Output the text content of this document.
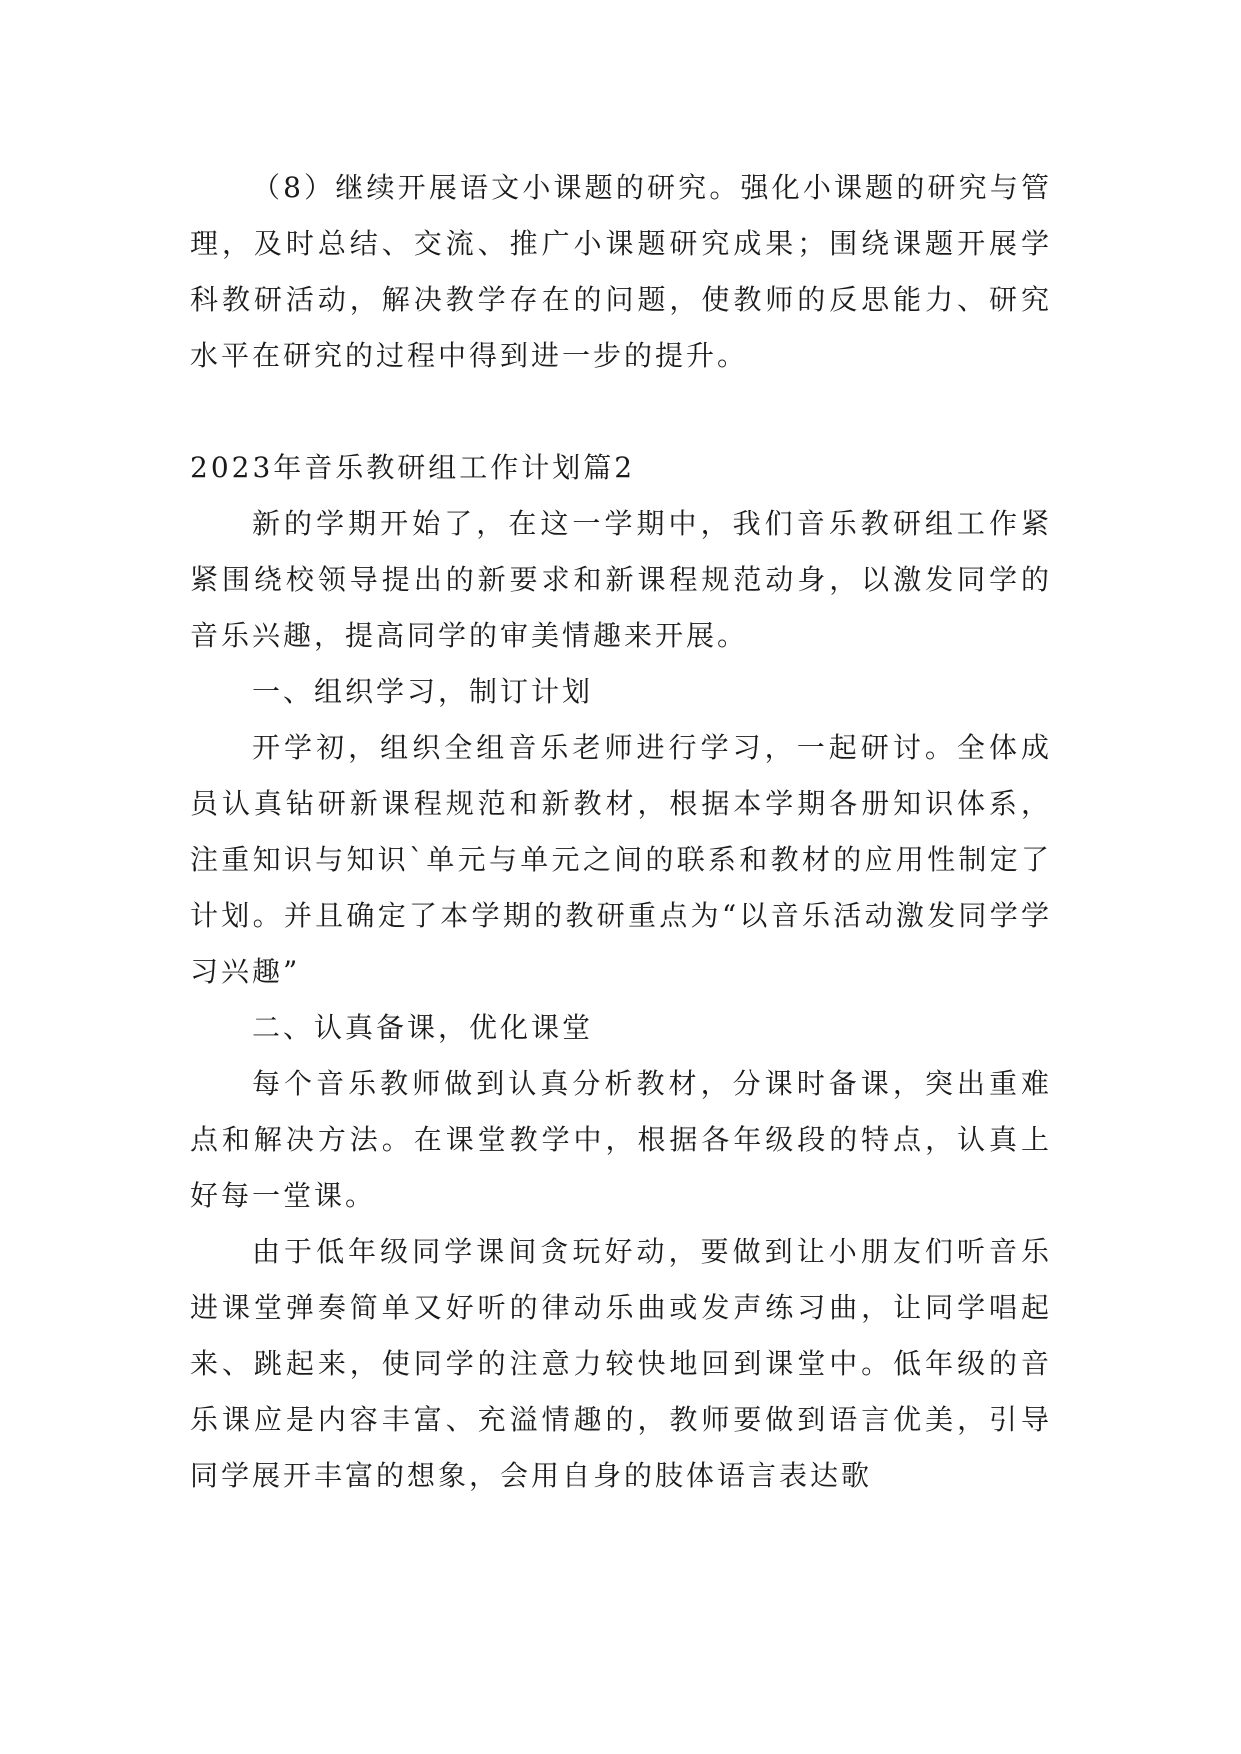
（8）继续开展语文小课题的研究。强化小课题的研究与管理，及时总结、交流、推广小课题研究成果；围绕课题开展学科教研活动，解决教学存在的问题，使教师的反思能力、研究水平在研究的过程中得到进一步的提升。

2023年音乐教研组工作计划篇2

新的学期开始了，在这一学期中，我们音乐教研组工作紧紧围绕校领导提出的新要求和新课程规范动身，以激发同学的音乐兴趣，提高同学的审美情趣来开展。

一、组织学习，制订计划

开学初，组织全组音乐老师进行学习，一起研讨。全体成员认真钻研新课程规范和新教材，根据本学期各册知识体系，注重知识与知识`单元与单元之间的联系和教材的应用性制定了计划。并且确定了本学期的教研重点为“以音乐活动激发同学学习兴趣”

二、认真备课，优化课堂

每个音乐教师做到认真分析教材，分课时备课，突出重难点和解决方法。在课堂教学中，根据各年级段的特点，认真上好每一堂课。

由于低年级同学课间贪玩好动，要做到让小朋友们听音乐进课堂弹奏简单又好听的律动乐曲或发声练习曲，让同学唱起来、跳起来，使同学的注意力较快地回到课堂中。低年级的音乐课应是内容丰富、充溢情趣的，教师要做到语言优美，引导同学展开丰富的想象，会用自身的肢体语言表达歌
